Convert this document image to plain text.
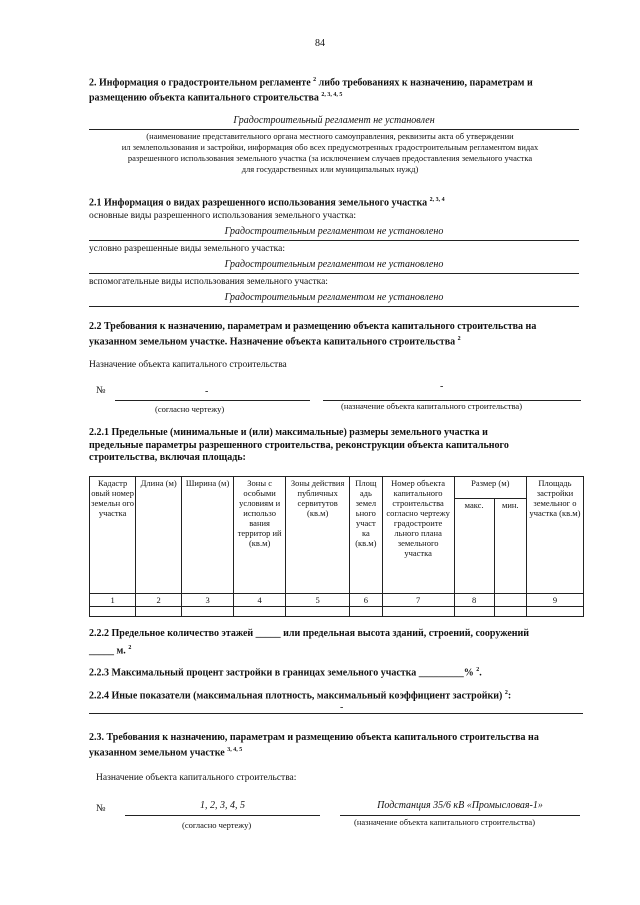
84
2. Информация о градостроительном регламенте $^2$ либо требованиях к назначению, параметрам и
размещению объекта капитального строительства $^{2, 3, 4, 5}$
Градостроительный регламент не установлен
(наименование представительного органа местного самоуправления, реквизиты акта об утверждении
ил землепользования и застройки, информация обо всех предусмотренных градостроительным регламентом видах
разрешенного использования земельного участка (за исключением случаев предоставления земельного участка
для государственных или муниципальных нужд)
2.1 Информация о видах разрешенного использования земельного участка $^{2, 3, 4}$
основные виды разрешенного использования земельного участка:
Градостроительным регламентом не установлено
условно разрешенные виды земельного участка:
Градостроительным регламентом не установлено
вспомогательные виды использования земельного участка:
Градостроительным регламентом не установлено
2.2 Требования к назначению, параметрам и размещению объекта капитального строительства на
указанном земельном участке. Назначение объекта капитального строительства $^2$
Назначение объекта капитального строительства
№	-	-
(согласно чертежу)	(назначение объекта капитального строительства)
2.2.1 Предельные (минимальные и (или) максимальные) размеры земельного участка и
предельные параметры разрешенного строительства, реконструкции объекта капитального
строительства, включая площадь:
Кадастр овый номер земельн ого участка	Длина (м)	Ширина (м)	Зоны с особыми условиям и использо вания территор ий (кв.м)	Зоны действия публичных сервитутов (кв.м)	Площ адь земел ьного участ ка (кв.м)	Номер объекта капитального строительства согласно чертежу градостроите льного плана земельного участка	Размер (м)		Площадь застройки земельног о участка (кв.м)
							макс.	мин.	
1	2	3	4	5	6	7	8		9

2.2.2 Предельное количество этажей _____ или предельная высота зданий, строений, сооружений
_____ м. $^2$
2.2.3 Максимальный процент застройки в границах земельного участка _________% $^2$.
2.2.4 Иные показатели (максимальная плотность, максимальный коэффициент застройки) $^2$:
-
2.3. Требования к назначению, параметрам и размещению объекта капитального строительства на
указанном земельном участке $^{3, 4, 5}$
Назначение объекта капитального строительства:
№	1, 2, 3, 4, 5	Подстанция 35/6 кВ «Промысловая-1»
(согласно чертежу)	(назначение объекта капитального строительства)
